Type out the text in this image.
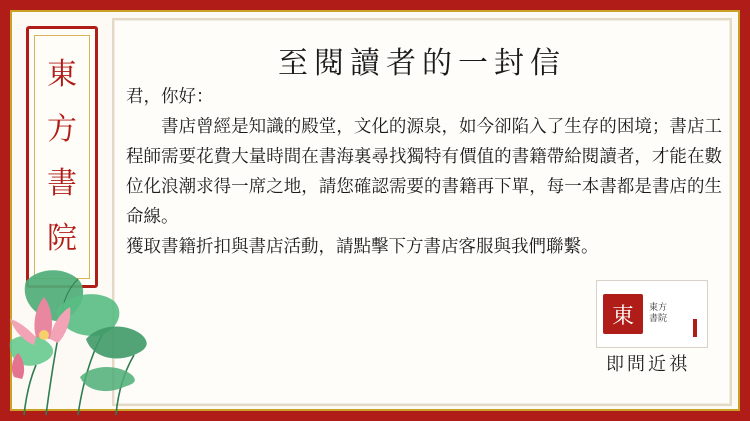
東
方
書
院
至閱讀者的一封信
君，你好：
書店曾經是知識的殿堂，文化的源泉，如今卻陷入了生存的困境；書店工程師需要花費大量時間在書海裏尋找獨特有價值的書籍帶給閱讀者，才能在數位化浪潮求得一席之地，請您確認需要的書籍再下單，每一本書都是書店的生命線。
獲取書籍折扣與書店活動，請點擊下方書店客服與我們聯繫。
即問近祺
東	東方
書院
